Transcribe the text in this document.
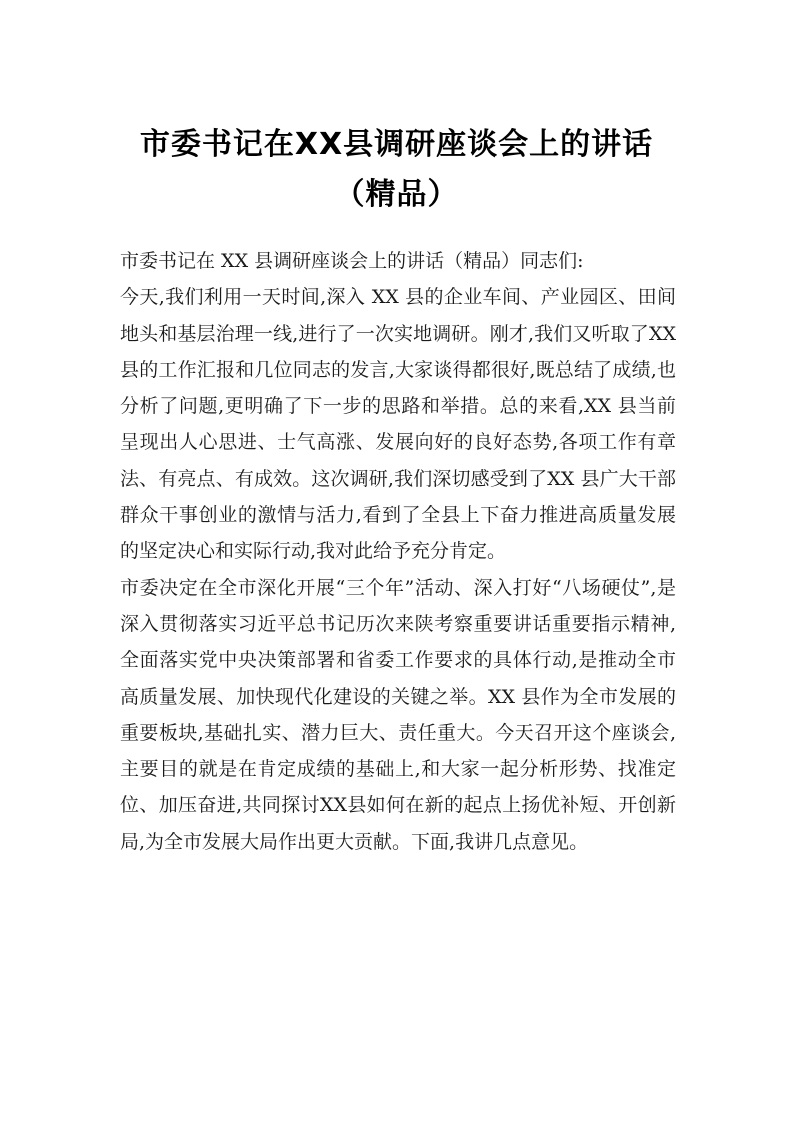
市委书记在XX县调研座谈会上的讲话（精品）

市委书记在 XX 县调研座谈会上的讲话（精品）同志们:

今天,我们利用一天时间,深入 XX 县的企业车间、产业园区、田间地头和基层治理一线,进行了一次实地调研。刚才,我们又听取了XX 县的工作汇报和几位同志的发言,大家谈得都很好,既总结了成绩,也分析了问题,更明确了下一步的思路和举措。总的来看,XX 县当前呈现出人心思进、士气高涨、发展向好的良好态势,各项工作有章法、有亮点、有成效。这次调研,我们深切感受到了XX 县广大干部群众干事创业的激情与活力,看到了全县上下奋力推进高质量发展的坚定决心和实际行动,我对此给予充分肯定。

市委决定在全市深化开展“三个年”活动、深入打好“八场硬仗”,是深入贯彻落实习近平总书记历次来陕考察重要讲话重要指示精神,全面落实党中央决策部署和省委工作要求的具体行动,是推动全市高质量发展、加快现代化建设的关键之举。XX 县作为全市发展的重要板块,基础扎实、潜力巨大、责任重大。今天召开这个座谈会,主要目的就是在肯定成绩的基础上,和大家一起分析形势、找准定位、加压奋进,共同探讨XX县如何在新的起点上扬优补短、开创新局,为全市发展大局作出更大贡献。下面,我讲几点意见。
